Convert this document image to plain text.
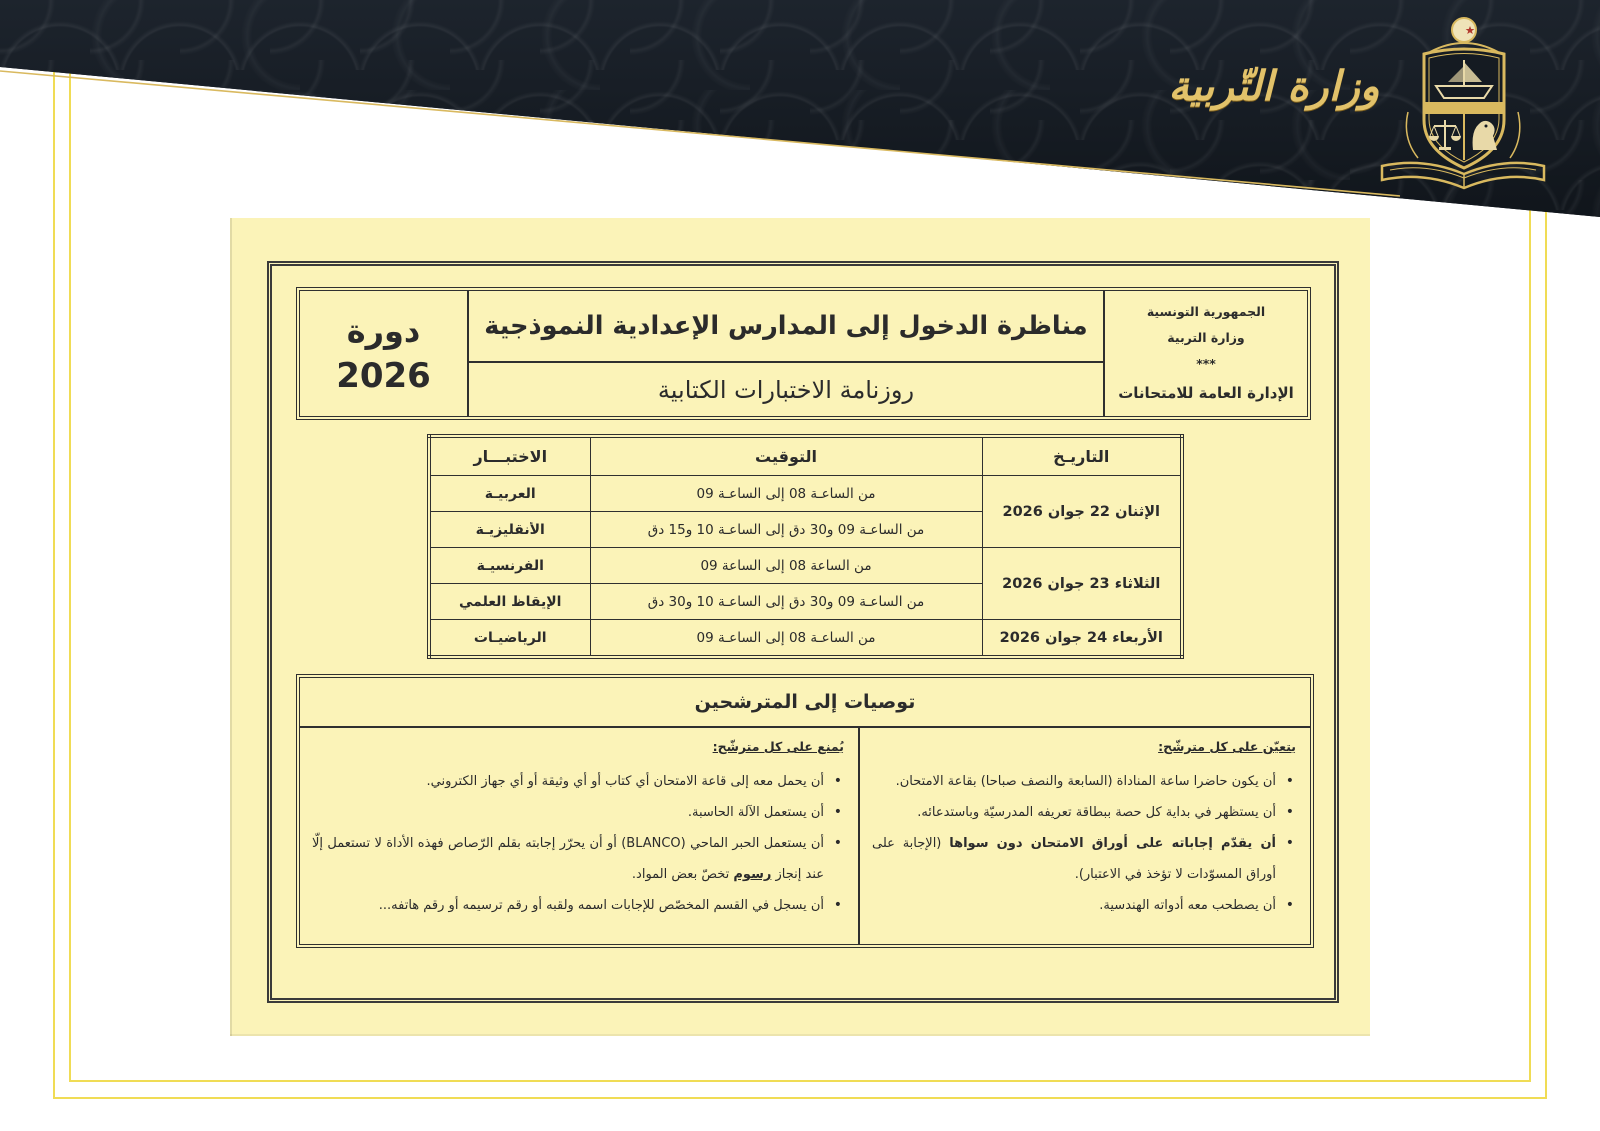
وزارة التّربية
الجمهورية التونسية
وزارة التربية
***
الإدارة العامة للامتحانات
مناظرة الدخول إلى المدارس الإعدادية النموذجية
روزنامة الاختبارات الكتابية
دورة
2026
التاريـخ	التوقيت	الاختبـــار
الإثنان 22 جوان 2026	من الساعـة 08 إلى الساعـة 09	العربيـة

	من الساعـة 09 و30 دق إلى الساعـة 10 و15 دق	الأنقليزيـة

الثلاثاء 23 جوان 2026	من الساعة 08 إلى الساعة 09	الفرنسيـة

	من الساعـة 09 و30 دق إلى الساعـة 10 و30 دق	الإيقاظ العلمي

الأربعاء 24 جوان 2026	من الساعـة 08 إلى الساعـة 09	الرياضيـات
توصيات إلى المترشحين
يتعيّن على كل مترشّح:
•
أن يكون حاضرا ساعة المناداة (السابعة والنصف صباحا) بقاعة الامتحان.
•
أن يستظهر في بداية كل حصة ببطاقة تعريفه المدرسيّة وباستدعائه.
•
أن يقدّم إجاباته على أوراق الامتحان دون سواها (الإجابة على أوراق المسوّدات لا تؤخذ في الاعتبار).
•
أن يصطحب معه أدواته الهندسية.
يُمنع على كل مترشّح:
•
أن يحمل معه إلى قاعة الامتحان أي كتاب أو أي وثيقة أو أي جهاز الكتروني.
•
أن يستعمل الآلة الحاسبة.
•
أن يستعمل الحبر الماحي (BLANCO) أو أن يحرّر إجابته بقلم الرّصاص فهذه الأداة لا تستعمل إلّا عند إنجاز رسوم تخصّ بعض المواد.
•
أن يسجل في القسم المخصّص للإجابات اسمه ولقبه أو رقم ترسيمه أو رقم هاتفه...
